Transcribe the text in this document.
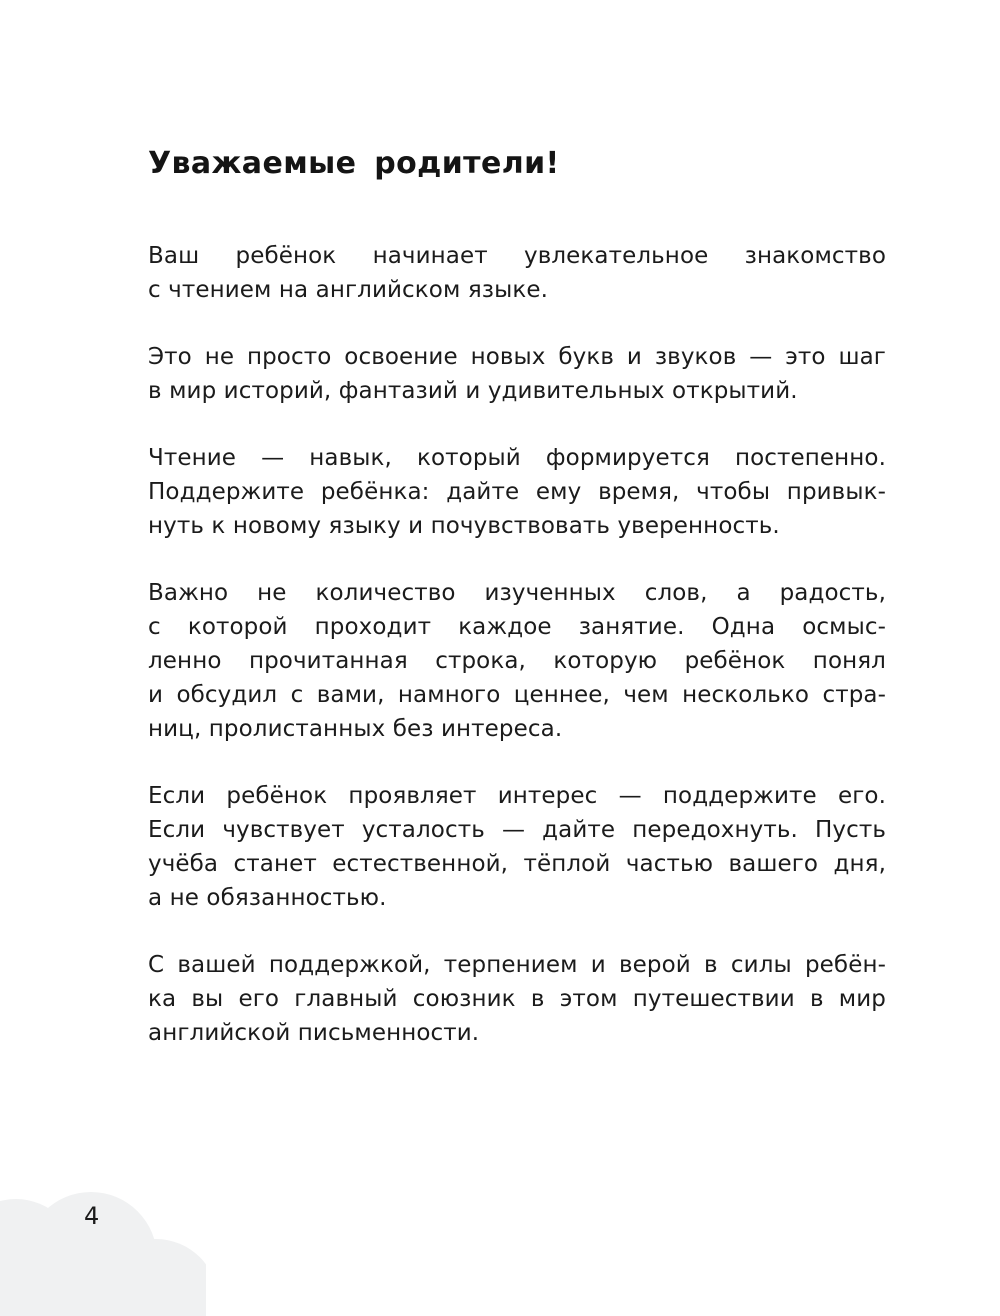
Уважаемые родители!
Ваш ребёнок начинает увлекательное знакомство
с чтением на английском языке.
Это не просто освоение новых букв и звуков — это шаг
в мир историй, фантазий и удивительных открытий.
Чтение — навык, который формируется постепенно.
Поддержите ребёнка: дайте ему время, чтобы привык-
нуть к новому языку и почувствовать уверенность.
Важно не количество изученных слов, а радость,
с которой проходит каждое занятие. Одна осмыс-
ленно прочитанная строка, которую ребёнок понял
и обсудил с вами, намного ценнее, чем несколько стра-
ниц, пролистанных без интереса.
Если ребёнок проявляет интерес — поддержите его.
Если чувствует усталость — дайте передохнуть. Пусть
учёба станет естественной, тёплой частью вашего дня,
а не обязанностью.
С вашей поддержкой, терпением и верой в силы ребён-
ка вы его главный союзник в этом путешествии в мир
английской письменности.
4
